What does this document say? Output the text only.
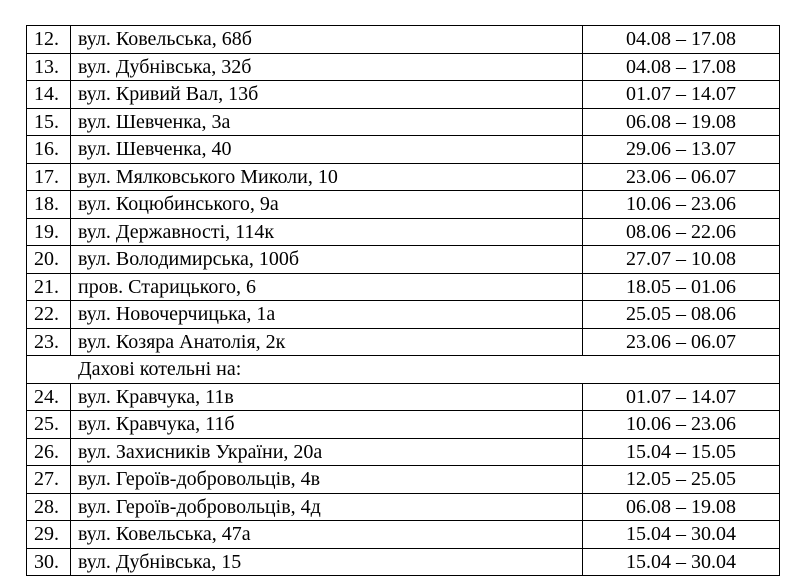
12.	вул. Ковельська, 68б	04.08 – 17.08
13.	вул. Дубнівська, 32б	04.08 – 17.08
14.	вул. Кривий Вал, 13б	01.07 – 14.07
15.	вул. Шевченка, 3а	06.08 – 19.08
16.	вул. Шевченка, 40	29.06 – 13.07
17.	вул. Мялковського Миколи, 10	23.06 – 06.07
18.	вул. Коцюбинського, 9а	10.06 – 23.06
19.	вул. Державності, 114к	08.06 – 22.06
20.	вул. Володимирська, 100б	27.07 – 10.08
21.	пров. Старицького, 6	18.05 – 01.06
22.	вул. Новочерчицька, 1а	25.05 – 08.06
23.	вул. Козяра Анатолія, 2к	23.06 – 06.07
Дахові котельні на:		
24.	вул. Кравчука, 11в	01.07 – 14.07
25.	вул. Кравчука, 11б	10.06 – 23.06
26.	вул. Захисників України, 20а	15.04 – 15.05
27.	вул. Героїв-добровольців, 4в	12.05 – 25.05
28.	вул. Героїв-добровольців, 4д	06.08 – 19.08
29.	вул. Ковельська, 47а	15.04 – 30.04
30.	вул. Дубнівська, 15	15.04 – 30.04
